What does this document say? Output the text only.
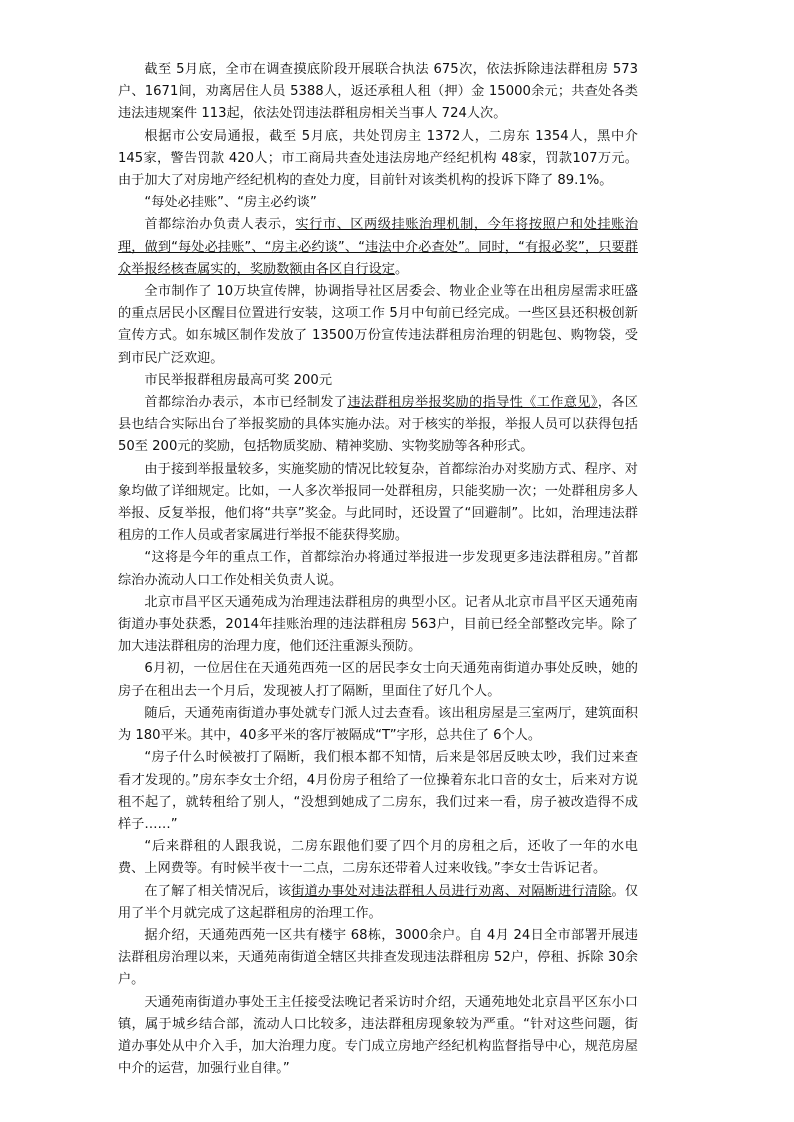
截至 5月底，全市在调查摸底阶段开展联合执法 675次，依法拆除违法群租房 573户、1671间，劝离居住人员 5388人，返还承租人租（押）金 15000余元；共查处各类违法违规案件 113起，依法处罚违法群租房相关当事人 724人次。

根据市公安局通报，截至 5月底，共处罚房主 1372人，二房东 1354人，黑中介 145家，警告罚款 420人；市工商局共查处违法房地产经纪机构 48家，罚款107万元。由于加大了对房地产经纪机构的查处力度，目前针对该类机构的投诉下降了 89.1%。

“每处必挂账”、“房主必约谈”

首都综治办负责人表示，实行市、区两级挂账治理机制，今年将按照户和处挂账治理，做到“每处必挂账”、“房主必约谈”、“违法中介必查处”。同时，“有报必奖”，只要群众举报经核查属实的，奖励数额由各区自行设定。

全市制作了 10万块宣传牌，协调指导社区居委会、物业企业等在出租房屋需求旺盛的重点居民小区醒目位置进行安装，这项工作 5月中旬前已经完成。一些区县还积极创新宣传方式。如东城区制作发放了 13500万份宣传违法群租房治理的钥匙包、购物袋，受到市民广泛欢迎。

市民举报群租房最高可奖 200元

首都综治办表示，本市已经制发了违法群租房举报奖励的指导性《工作意见》，各区县也结合实际出台了举报奖励的具体实施办法。对于核实的举报，举报人员可以获得包括 50至 200元的奖励，包括物质奖励、精神奖励、实物奖励等各种形式。

由于接到举报量较多，实施奖励的情况比较复杂，首都综治办对奖励方式、程序、对象均做了详细规定。比如，一人多次举报同一处群租房，只能奖励一次；一处群租房多人举报、反复举报，他们将“共享”奖金。与此同时，还设置了“回避制”。比如，治理违法群租房的工作人员或者家属进行举报不能获得奖励。

“这将是今年的重点工作，首都综治办将通过举报进一步发现更多违法群租房。”首都综治办流动人口工作处相关负责人说。

北京市昌平区天通苑成为治理违法群租房的典型小区。记者从北京市昌平区天通苑南街道办事处获悉，2014年挂账治理的违法群租房 563户，目前已经全部整改完毕。除了加大违法群租房的治理力度，他们还注重源头预防。

6月初，一位居住在天通苑西苑一区的居民李女士向天通苑南街道办事处反映，她的房子在租出去一个月后，发现被人打了隔断，里面住了好几个人。

随后，天通苑南街道办事处就专门派人过去查看。该出租房屋是三室两厅，建筑面积为 180平米。其中，40多平米的客厅被隔成“T”字形，总共住了 6个人。

“房子什么时候被打了隔断，我们根本都不知情，后来是邻居反映太吵，我们过来查看才发现的。”房东李女士介绍，4月份房子租给了一位操着东北口音的女士，后来对方说租不起了，就转租给了别人，“没想到她成了二房东，我们过来一看，房子被改造得不成样子……”

“后来群租的人跟我说，二房东跟他们要了四个月的房租之后，还收了一年的水电费、上网费等。有时候半夜十一二点，二房东还带着人过来收钱。”李女士告诉记者。

在了解了相关情况后，该街道办事处对违法群租人员进行劝离、对隔断进行清除。仅用了半个月就完成了这起群租房的治理工作。

据介绍，天通苑西苑一区共有楼宇 68栋，3000余户。自 4月 24日全市部署开展违法群租房治理以来，天通苑南街道全辖区共排查发现违法群租房 52户，停租、拆除 30余户。

天通苑南街道办事处王主任接受法晚记者采访时介绍，天通苑地处北京昌平区东小口镇，属于城乡结合部，流动人口比较多，违法群租房现象较为严重。“针对这些问题，街道办事处从中介入手，加大治理力度。专门成立房地产经纪机构监督指导中心，规范房屋中介的运营，加强行业自律。”
